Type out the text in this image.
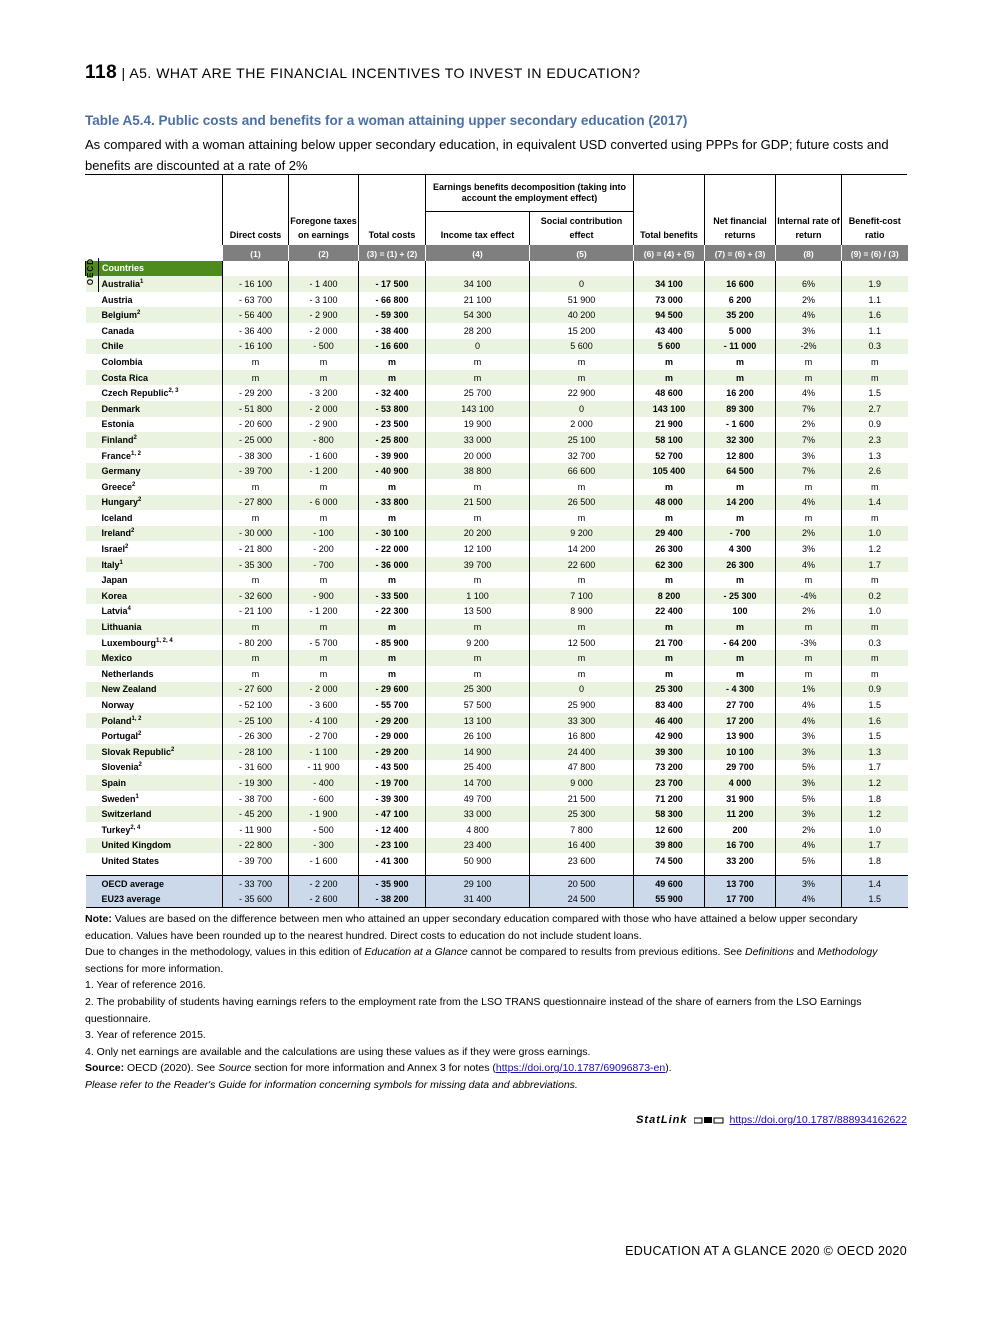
118 | A5. WHAT ARE THE FINANCIAL INCENTIVES TO INVEST IN EDUCATION?
Table A5.4. Public costs and benefits for a woman attaining upper secondary education (2017)
As compared with a woman attaining below upper secondary education, in equivalent USD converted using PPPs for GDP; future costs and benefits are discounted at a rate of 2%
	Direct costs	Foregone taxes on earnings	Total costs	Earnings benefits decomposition (taking into account the employment effect)		Total benefits	Net financial returns	Internal rate of return	Benefit-cost ratio
				Income tax effect	Social contribution effect				
	(1)	(2)	(3) = (1) + (2)	(4)	(5)	(6) = (4) + (5)	(7) = (6) + (3)	(8)	(9) = (6) / (3)
Countries									
Australia$^1$	- 16 100	- 1 400	- 17 500	34 100	0	34 100	16 600	6%	1.9
Austria	- 63 700	- 3 100	- 66 800	21 100	51 900	73 000	6 200	2%	1.1
Belgium$^2$	- 56 400	- 2 900	- 59 300	54 300	40 200	94 500	35 200	4%	1.6
Canada	- 36 400	- 2 000	- 38 400	28 200	15 200	43 400	5 000	3%	1.1
Chile	- 16 100	- 500	- 16 600	0	5 600	5 600	- 11 000	-2%	0.3
Colombia	m	m	m	m	m	m	m	m	m
Costa Rica	m	m	m	m	m	m	m	m	m
Czech Republic$^{2, 3}$	- 29 200	- 3 200	- 32 400	25 700	22 900	48 600	16 200	4%	1.5
Denmark	- 51 800	- 2 000	- 53 800	143 100	0	143 100	89 300	7%	2.7
Estonia	- 20 600	- 2 900	- 23 500	19 900	2 000	21 900	- 1 600	2%	0.9
Finland$^2$	- 25 000	- 800	- 25 800	33 000	25 100	58 100	32 300	7%	2.3
France$^{1, 2}$	- 38 300	- 1 600	- 39 900	20 000	32 700	52 700	12 800	3%	1.3
Germany	- 39 700	- 1 200	- 40 900	38 800	66 600	105 400	64 500	7%	2.6
Greece$^2$	m	m	m	m	m	m	m	m	m
Hungary$^2$	- 27 800	- 6 000	- 33 800	21 500	26 500	48 000	14 200	4%	1.4
Iceland	m	m	m	m	m	m	m	m	m
Ireland$^2$	- 30 000	- 100	- 30 100	20 200	9 200	29 400	- 700	2%	1.0
Israel$^2$	- 21 800	- 200	- 22 000	12 100	14 200	26 300	4 300	3%	1.2
Italy$^1$	- 35 300	- 700	- 36 000	39 700	22 600	62 300	26 300	4%	1.7
Japan	m	m	m	m	m	m	m	m	m
Korea	- 32 600	- 900	- 33 500	1 100	7 100	8 200	- 25 300	-4%	0.2
Latvia$^4$	- 21 100	- 1 200	- 22 300	13 500	8 900	22 400	100	2%	1.0
Lithuania	m	m	m	m	m	m	m	m	m
Luxembourg$^{1, 2, 4}$	- 80 200	- 5 700	- 85 900	9 200	12 500	21 700	- 64 200	-3%	0.3
Mexico	m	m	m	m	m	m	m	m	m
Netherlands	m	m	m	m	m	m	m	m	m
New Zealand	- 27 600	- 2 000	- 29 600	25 300	0	25 300	- 4 300	1%	0.9
Norway	- 52 100	- 3 600	- 55 700	57 500	25 900	83 400	27 700	4%	1.5
Poland$^{1, 2}$	- 25 100	- 4 100	- 29 200	13 100	33 300	46 400	17 200	4%	1.6
Portugal$^2$	- 26 300	- 2 700	- 29 000	26 100	16 800	42 900	13 900	3%	1.5
Slovak Republic$^2$	- 28 100	- 1 100	- 29 200	14 900	24 400	39 300	10 100	3%	1.3
Slovenia$^2$	- 31 600	- 11 900	- 43 500	25 400	47 800	73 200	29 700	5%	1.7
Spain	- 19 300	- 400	- 19 700	14 700	9 000	23 700	4 000	3%	1.2
Sweden$^1$	- 38 700	- 600	- 39 300	49 700	21 500	71 200	31 900	5%	1.8
Switzerland	- 45 200	- 1 900	- 47 100	33 000	25 300	58 300	11 200	3%	1.2
Turkey$^{2, 4}$	- 11 900	- 500	- 12 400	4 800	7 800	12 600	200	2%	1.0
United Kingdom	- 22 800	- 300	- 23 100	23 400	16 400	39 800	16 700	4%	1.7
United States	- 39 700	- 1 600	- 41 300	50 900	23 600	74 500	33 200	5%	1.8

OECD average	- 33 700	- 2 200	- 35 900	29 100	20 500	49 600	13 700	3%	1.4
EU23 average	- 35 600	- 2 600	- 38 200	31 400	24 500	55 900	17 700	4%	1.5
OECD

Note: Values are based on the difference between men who attained an upper secondary education compared with those who have attained a below upper secondary education. Values have been rounded up to the nearest hundred. Direct costs to education do not include student loans.

Due to changes in the methodology, values in this edition of Education at a Glance cannot be compared to results from previous editions. See Definitions and Methodology sections for more information.

1. Year of reference 2016.

2. The probability of students having earnings refers to the employment rate from the LSO TRANS questionnaire instead of the share of earners from the LSO Earnings questionnaire.

3. Year of reference 2015.

4. Only net earnings are available and the calculations are using these values as if they were gross earnings.

Source: OECD (2020). See Source section for more information and Annex 3 for notes (https://doi.org/10.1787/69096873-en).

Please refer to the Reader's Guide for information concerning symbols for missing data and abbreviations.

StatLink	https://doi.org/10.1787/888934162622
EDUCATION AT A GLANCE 2020 © OECD 2020
